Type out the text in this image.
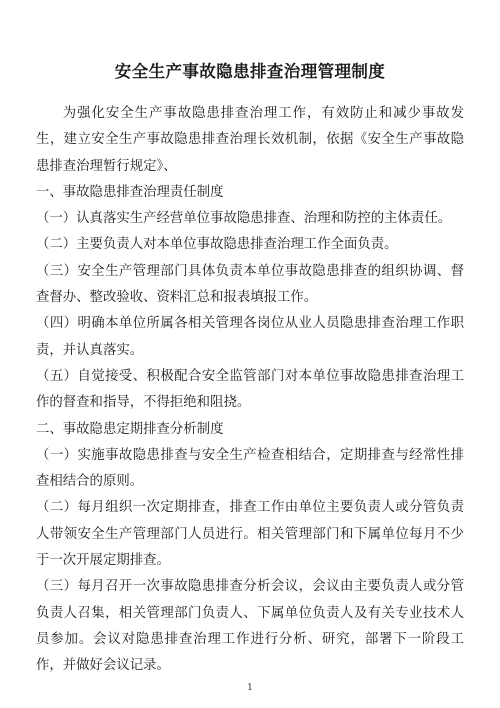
安全生产事故隐患排查治理管理制度

为强化安全生产事故隐患排查治理工作，有效防止和减少事故发生，建立安全生产事故隐患排查治理长效机制，依据《安全生产事故隐患排查治理暂行规定》、

一、事故隐患排查治理责任制度

（一）认真落实生产经营单位事故隐患排查、治理和防控的主体责任。

（二）主要负责人对本单位事故隐患排查治理工作全面负责。

（三）安全生产管理部门具体负责本单位事故隐患排查的组织协调、督查督办、整改验收、资料汇总和报表填报工作。

（四）明确本单位所属各相关管理各岗位从业人员隐患排查治理工作职责，并认真落实。

（五）自觉接受、积极配合安全监管部门对本单位事故隐患排查治理工作的督查和指导，不得拒绝和阻挠。

二、事故隐患定期排查分析制度

（一）实施事故隐患排查与安全生产检查相结合，定期排查与经常性排查相结合的原则。

（二）每月组织一次定期排查，排查工作由单位主要负责人或分管负责人带领安全生产管理部门人员进行。相关管理部门和下属单位每月不少于一次开展定期排查。

（三）每月召开一次事故隐患排查分析会议，会议由主要负责人或分管负责人召集，相关管理部门负责人、下属单位负责人及有关专业技术人员参加。会议对隐患排查治理工作进行分析、研究，部署下一阶段工作，并做好会议记录。

1
